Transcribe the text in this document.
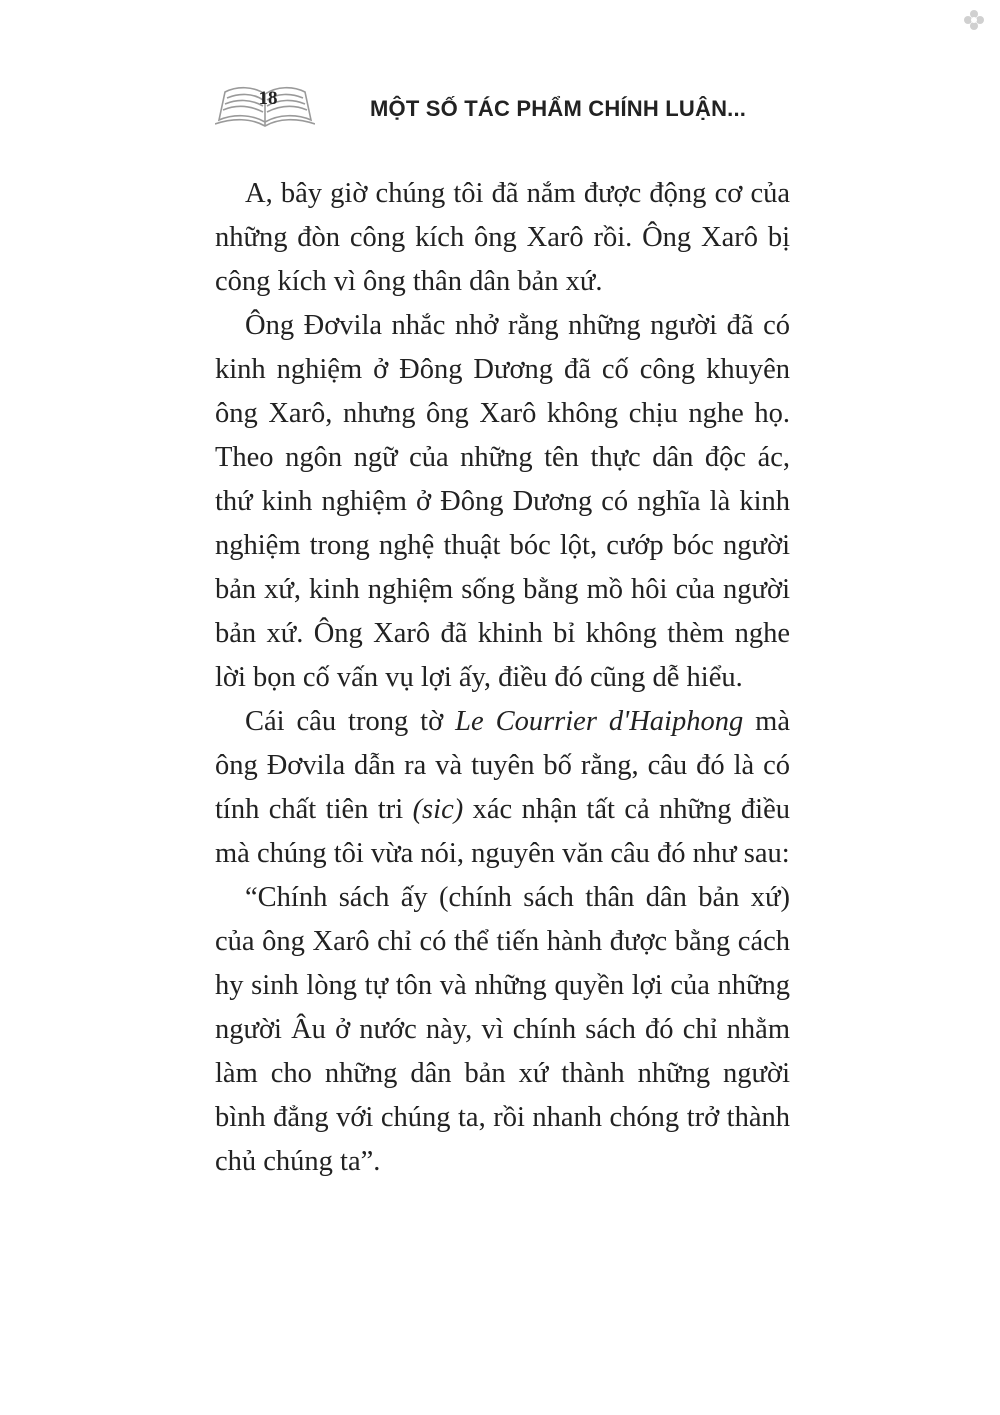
18	MỘT SỐ TÁC PHẨM CHÍNH LUẬN...

A, bây giờ chúng tôi đã nắm được động cơ của những đòn công kích ông Xarô rồi. Ông Xarô bị công kích vì ông thân dân bản xứ.

Ông Đơvila nhắc nhở rằng những người đã có kinh nghiệm ở Đông Dương đã cố công khuyên ông Xarô, nhưng ông Xarô không chịu nghe họ. Theo ngôn ngữ của những tên thực dân độc ác, thứ kinh nghiệm ở Đông Dương có nghĩa là kinh nghiệm trong nghệ thuật bóc lột, cướp bóc người bản xứ, kinh nghiệm sống bằng mồ hôi của người bản xứ. Ông Xarô đã khinh bỉ không thèm nghe lời bọn cố vấn vụ lợi ấy, điều đó cũng dễ hiểu.

Cái câu trong tờ Le Courrier d'Haiphong mà ông Đơvila dẫn ra và tuyên bố rằng, câu đó là có tính chất tiên tri (sic) xác nhận tất cả những điều mà chúng tôi vừa nói, nguyên văn câu đó như sau:

“Chính sách ấy (chính sách thân dân bản xứ) của ông Xarô chỉ có thể tiến hành được bằng cách hy sinh lòng tự tôn và những quyền lợi của những người Âu ở nước này, vì chính sách đó chỉ nhằm làm cho những dân bản xứ thành những người bình đẳng với chúng ta, rồi nhanh chóng trở thành chủ chúng ta”.
